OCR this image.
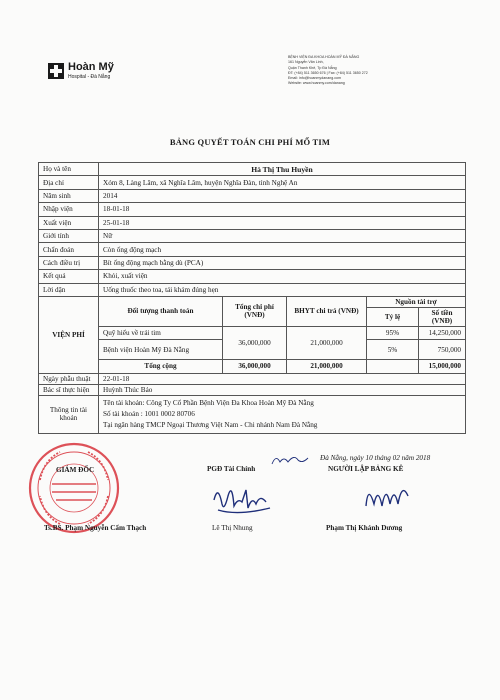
Hoàn Mỹ
Hospital - Đà Nẵng
BỆNH VIỆN ĐA KHOA HOÀN MỸ ĐÀ NẴNG
161 Nguyễn Văn Linh,
Quận Thanh Khê, Tp Đà Nẵng
ĐT: (+84) 511 3650 676 | Fax: (+84) 511 3650 272
Email: info@hoanmydanang.com
Website: www.hoanmy.com/danang
BẢNG QUYẾT TOÁN CHI PHÍ MỔ TIM
Họ và tên	Hà Thị Thu Huyền				
Địa chỉ	Xóm 8, Làng Lâm, xã Nghĩa Lâm, huyện Nghĩa Đàn, tỉnh Nghệ An				
Năm sinh	2014				
Nhập viện	18-01-18				
Xuất viện	25-01-18				
Giới tính	Nữ				
Chẩn đoán	Còn ống động mạch				
Cách điều trị	Bít ống động mạch bằng dù (PCA)				
Kết quả	Khỏi, xuất viện				
Lời dặn	Uống thuốc theo toa, tái khám đúng hẹn				
VIỆN PHÍ	Đối tượng thanh toán	Tổng chi phí (VNĐ)	BHYT chi trả (VNĐ)	Nguồn tài trợ	
				Tỷ lệ	Số tiền (VNĐ)
	Quỹ hiểu về trái tim	36,000,000	21,000,000	95%	14,250,000
	Bệnh viện Hoàn Mỹ Đà Nẵng			5%	750,000
	Tổng cộng	36,000,000	21,000,000		15,000,000
Ngày phẫu thuật	22-01-18				
Bác sĩ thực hiện	Huỳnh Thúc Bảo				
Thông tin tài khoản	Tên tài khoản: Công Ty Cổ Phần Bệnh Viện Đa Khoa Hoàn Mỹ Đà Nẵng
Số tài khoản : 1001 0002 80706
Tại ngân hàng TMCP Ngoại Thương Việt Nam - Chi nhánh Nam Đà Nẵng				
Đà Nẵng, ngày 10 tháng 02 năm 2018
GIÁM ĐỐC
Ts.BS. Phạm Nguyễn Cẩm Thạch
PGĐ Tài Chính
Lê Thị Nhung
NGƯỜI LẬP BẢNG KÊ
Phạm Thị Khánh Dương
